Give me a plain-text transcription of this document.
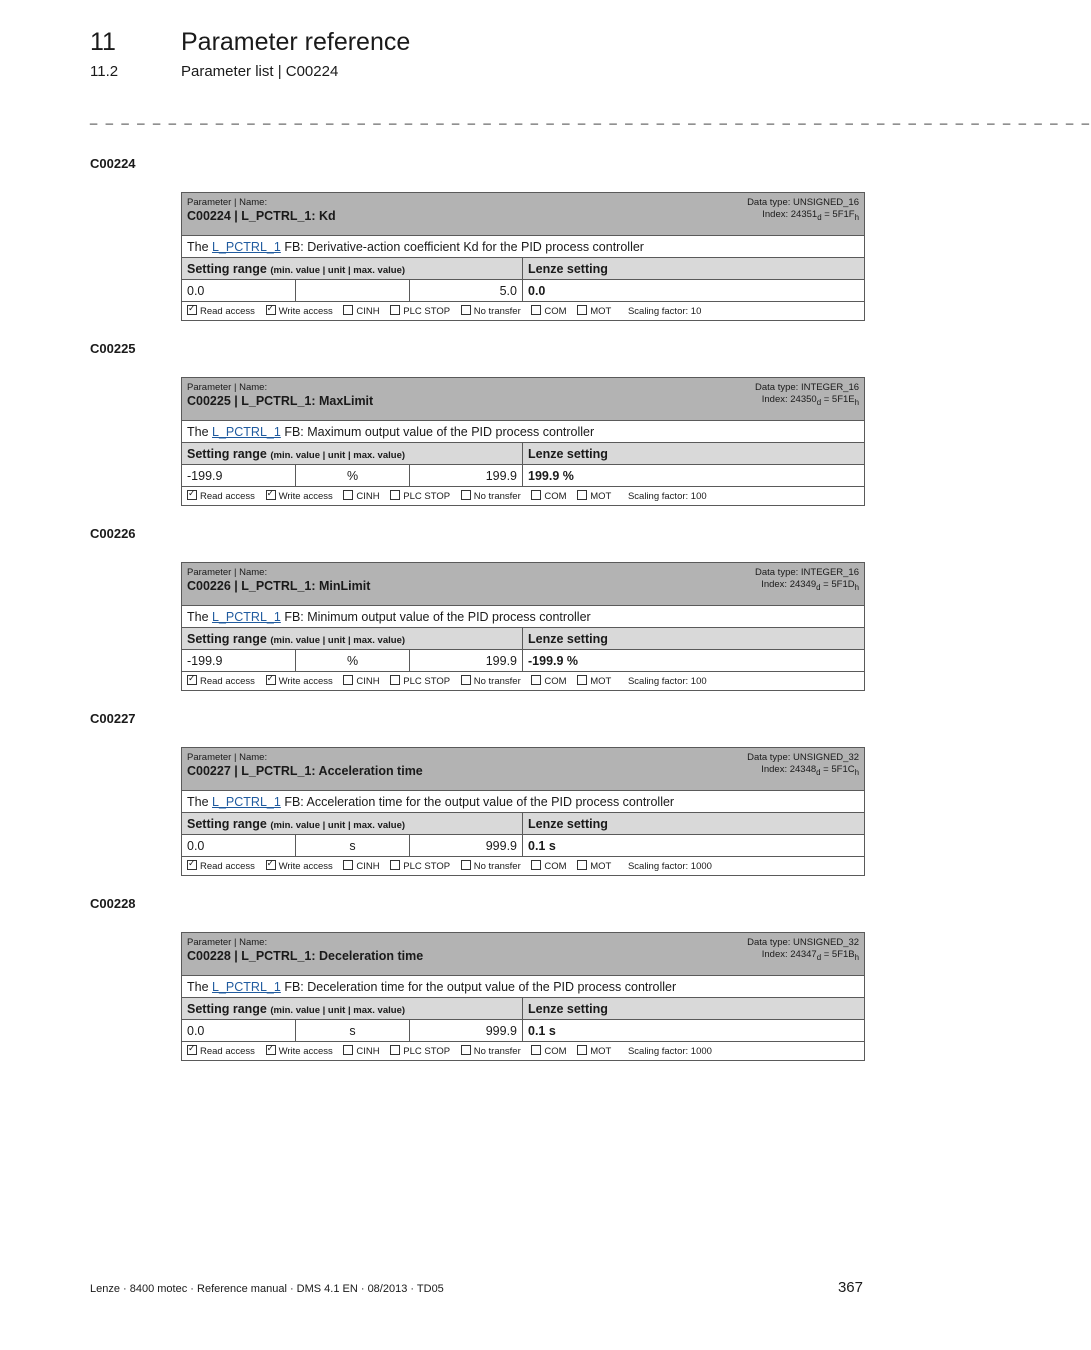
11	Parameter reference
11.2	Parameter list | C00224
_ _ _ _ _ _ _ _ _ _ _ _ _ _ _ _ _ _ _ _ _ _ _ _ _ _ _ _ _ _ _ _ _ _ _ _ _ _ _ _ _ _ _ _ _ _ _ _ _ _ _ _ _ _ _ _ _ _ _ _ _ _ _ _
C00224
Parameter | Name:
C00224 | L_PCTRL_1: Kd
Data type: UNSIGNED_16
Index: $24351_d = 5F1F_h$

The L_PCTRL_1 FB: Derivative-action coefficient Kd for the PID process controller			
Setting range (min. value | unit | max. value)			Lenze setting
0.0		5.0	0.0
✓Read access ✓ Write access CINH PLC STOP No transfer COM MOT Scaling factor: 10
C00225
Parameter | Name:
C00225 | L_PCTRL_1: MaxLimit
Data type: INTEGER_16
Index: $24350_d = 5F1E_h$

The L_PCTRL_1 FB: Maximum output value of the PID process controller			
Setting range (min. value | unit | max. value)			Lenze setting
-199.9	%	199.9	199.9 %
✓Read access ✓ Write access CINH PLC STOP No transfer COM MOT Scaling factor: 100
C00226
Parameter | Name:
C00226 | L_PCTRL_1: MinLimit
Data type: INTEGER_16
Index: $24349_d = 5F1D_h$

The L_PCTRL_1 FB: Minimum output value of the PID process controller			
Setting range (min. value | unit | max. value)			Lenze setting
-199.9	%	199.9	-199.9 %
✓Read access ✓ Write access CINH PLC STOP No transfer COM MOT Scaling factor: 100
C00227
Parameter | Name:
C00227 | L_PCTRL_1: Acceleration time
Data type: UNSIGNED_32
Index: $24348_d = 5F1C_h$

The L_PCTRL_1 FB: Acceleration time for the output value of the PID process controller			
Setting range (min. value | unit | max. value)			Lenze setting
0.0	s	999.9	0.1 s
✓Read access ✓ Write access CINH PLC STOP No transfer COM MOT Scaling factor: 1000
C00228
Parameter | Name:
C00228 | L_PCTRL_1: Deceleration time
Data type: UNSIGNED_32
Index: $24347_d = 5F1B_h$

The L_PCTRL_1 FB: Deceleration time for the output value of the PID process controller			
Setting range (min. value | unit | max. value)			Lenze setting
0.0	s	999.9	0.1 s
✓Read access ✓ Write access CINH PLC STOP No transfer COM MOT Scaling factor: 1000
Lenze · 8400 motec · Reference manual · DMS 4.1 EN · 08/2013 · TD05	367
